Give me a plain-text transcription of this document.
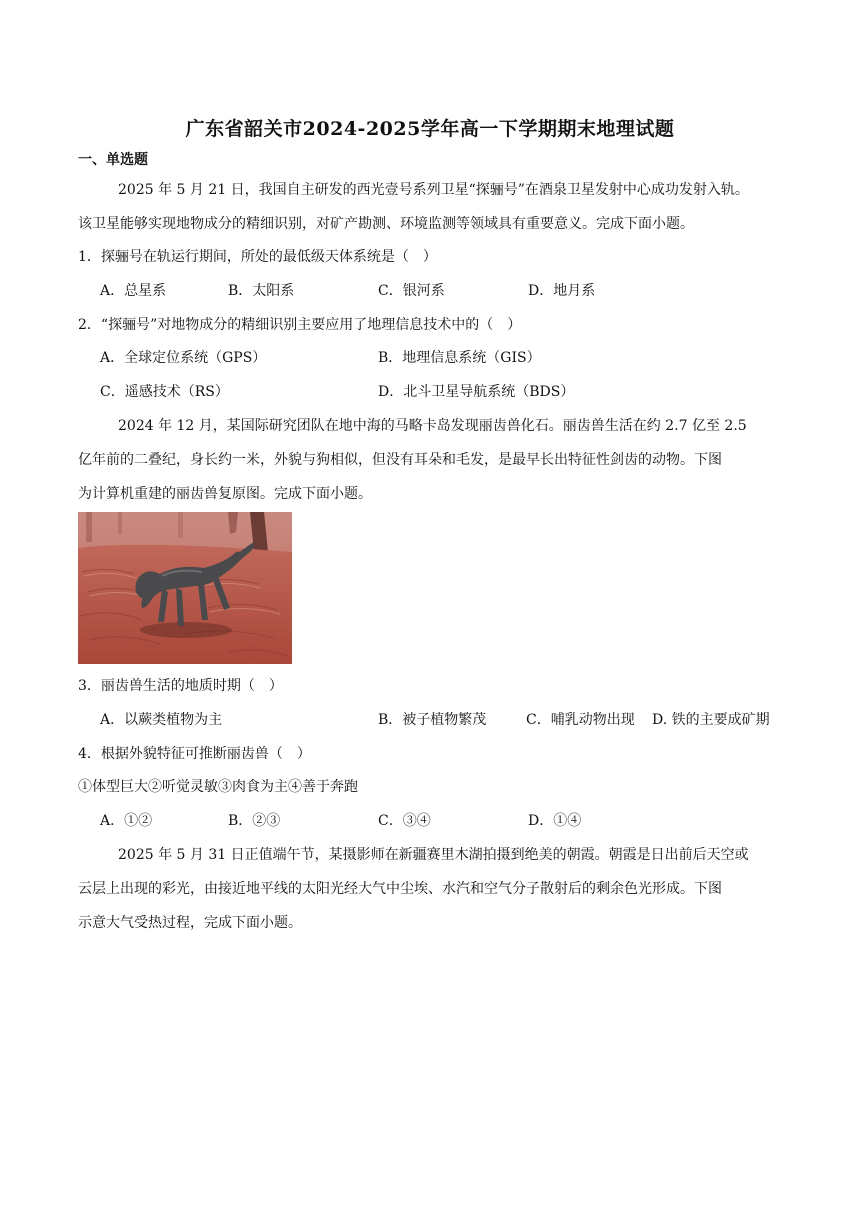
广东省韶关市2024-2025学年高一下学期期末地理试题
一、单选题
2025 年 5 月 21 日，我国自主研发的西光壹号系列卫星“探骊号”在酒泉卫星发射中心成功发射入轨。
该卫星能够实现地物成分的精细识别，对矿产勘测、环境监测等领域具有重要意义。完成下面小题。
1．探骊号在轨运行期间，所处的最低级天体系统是（　）
A．总星系	B．太阳系	C．银河系	D．地月系
2．“探骊号”对地物成分的精细识别主要应用了地理信息技术中的（　）
A．全球定位系统（GPS）	B．地理信息系统（GIS）
C．遥感技术（RS）	D．北斗卫星导航系统（BDS）
2024 年 12 月，某国际研究团队在地中海的马略卡岛发现丽齿兽化石。丽齿兽生活在约 2.7 亿至 2.5
亿年前的二叠纪，身长约一米，外貌与狗相似，但没有耳朵和毛发，是最早长出特征性剑齿的动物。下图
为计算机重建的丽齿兽复原图。完成下面小题。
3．丽齿兽生活的地质时期（　）
A．以蕨类植物为主	B．被子植物繁茂	C．哺乳动物出现 D. 铁的主要成矿期
4．根据外貌特征可推断丽齿兽（　）
①体型巨大②听觉灵敏③肉食为主④善于奔跑
A．①②	B．②③	C．③④	D．①④
2025 年 5 月 31 日正值端午节，某摄影师在新疆赛里木湖拍摄到绝美的朝霞。朝霞是日出前后天空或
云层上出现的彩光，由接近地平线的太阳光经大气中尘埃、水汽和空气分子散射后的剩余色光形成。下图
示意大气受热过程，完成下面小题。
